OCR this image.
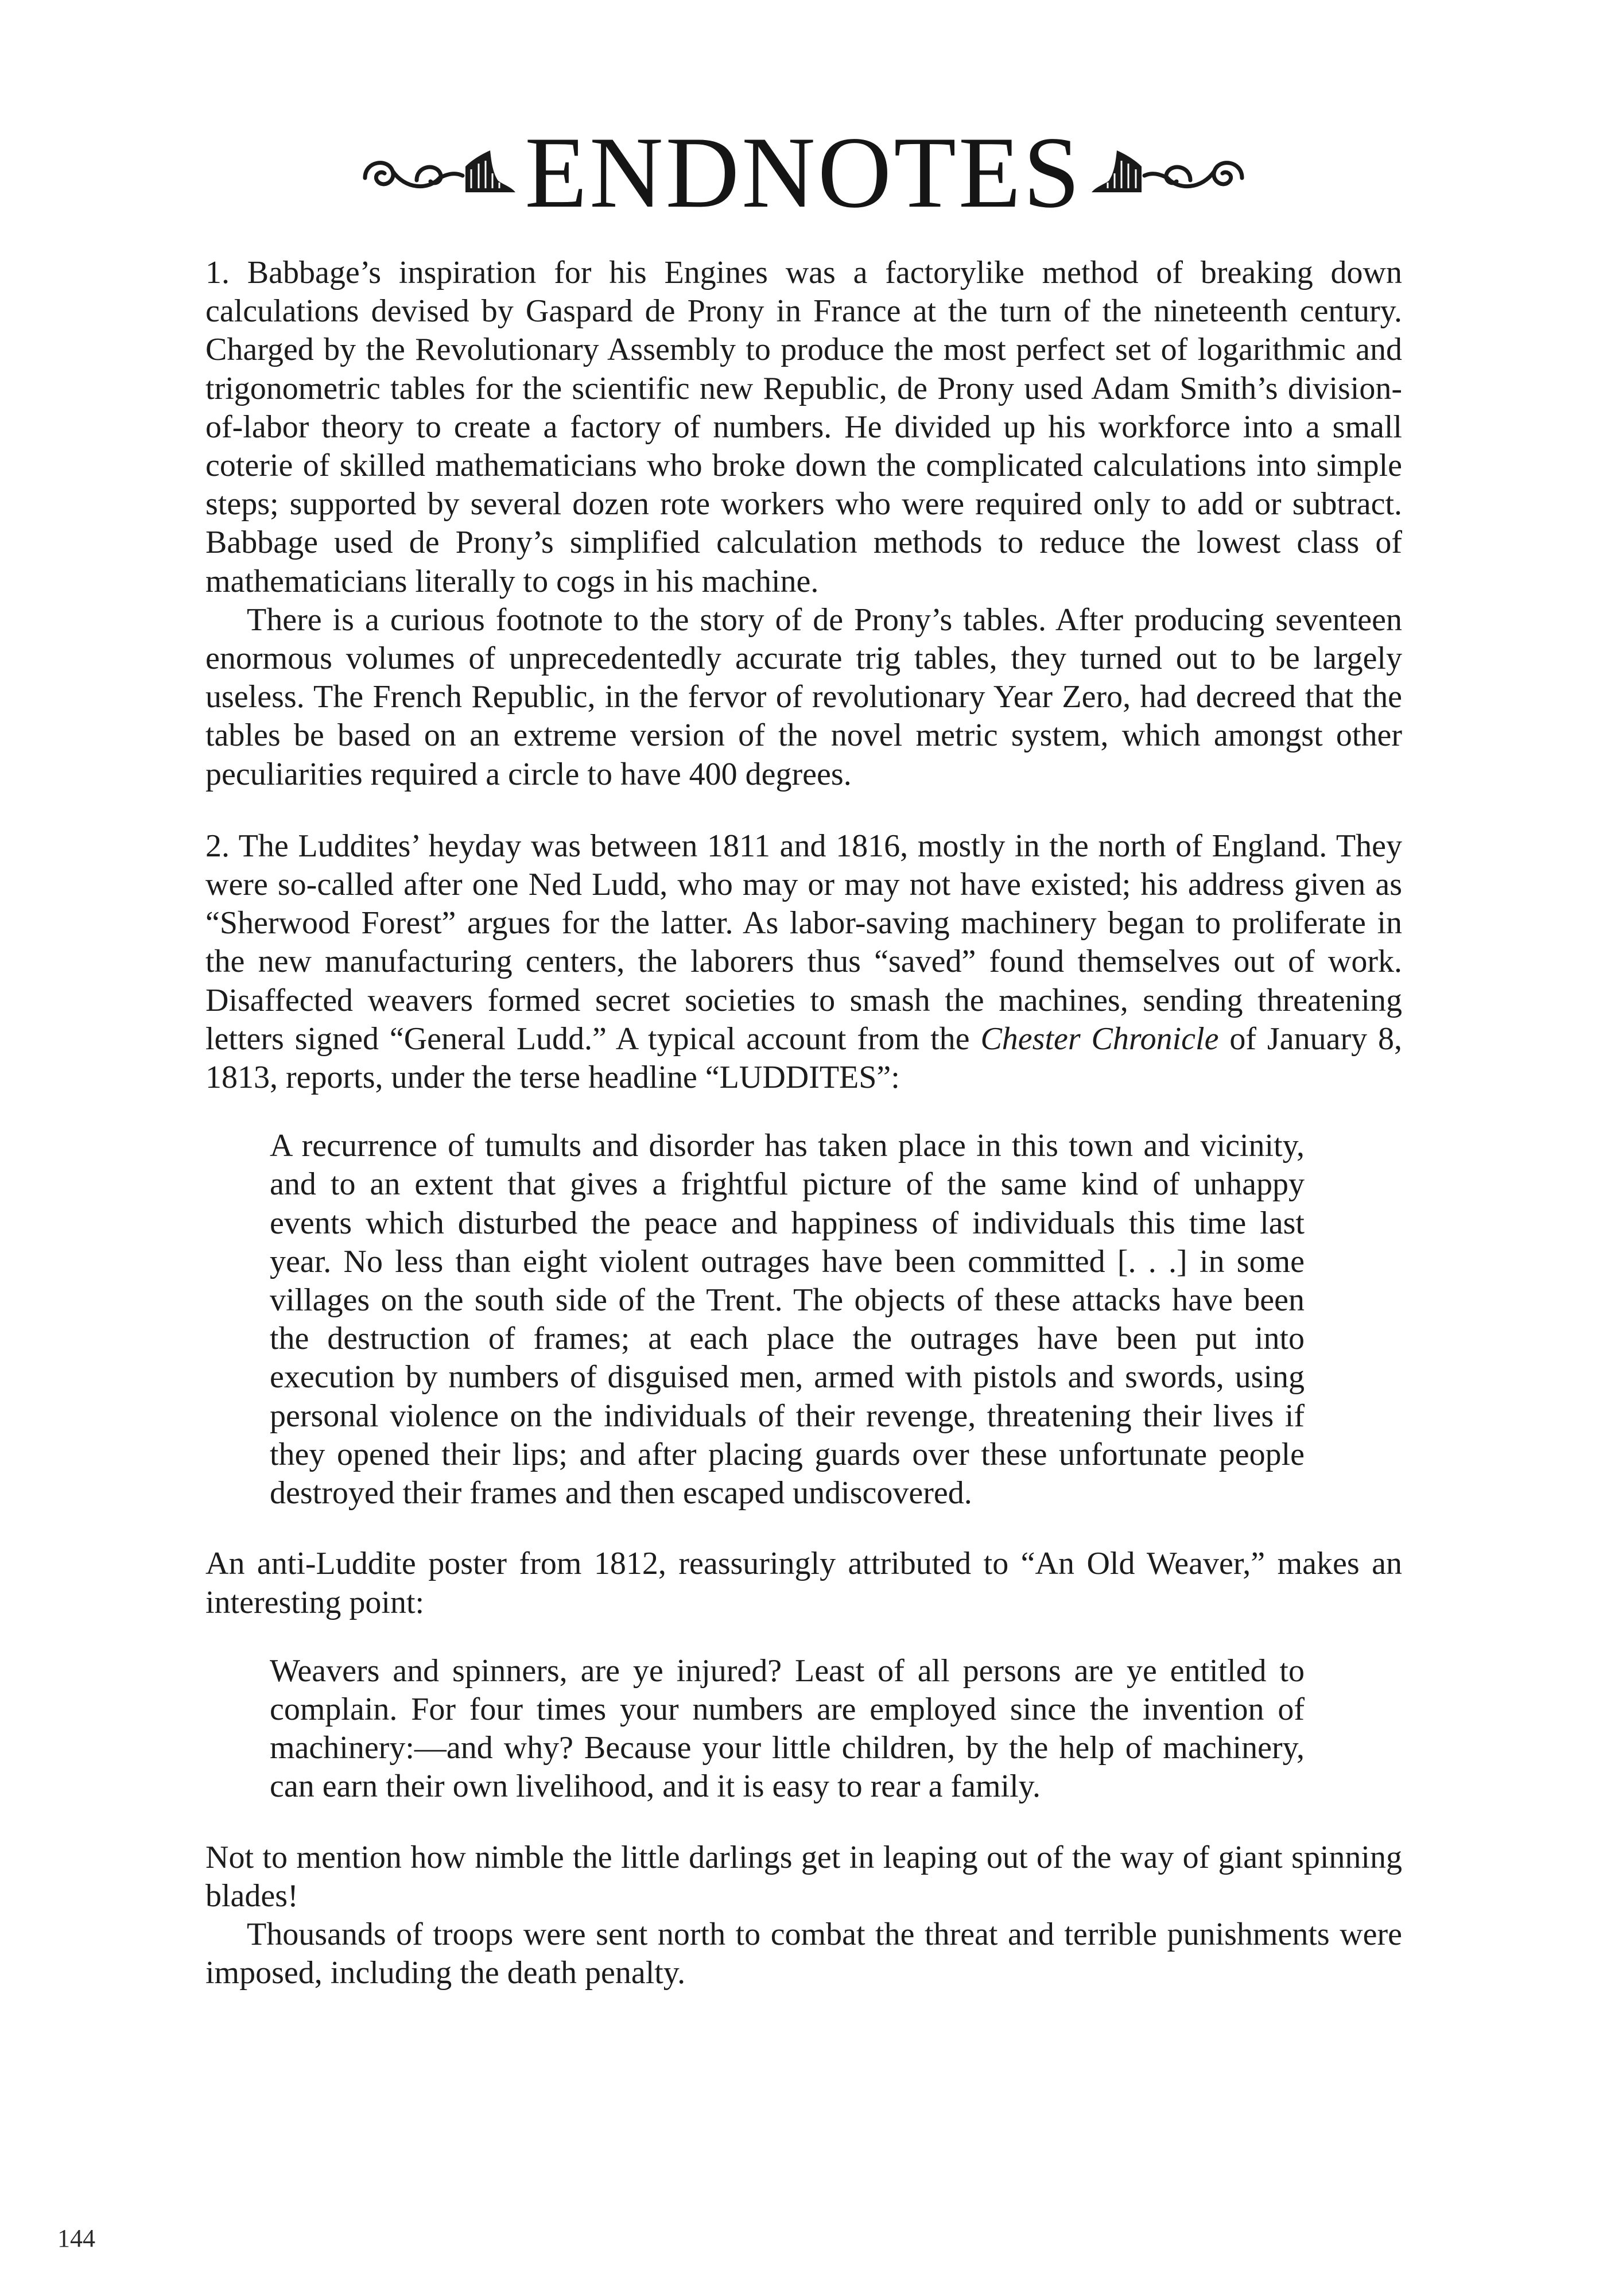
ENDNOTES

1. Babbage’s inspiration for his Engines was a factorylike method of breaking down calculations devised by Gaspard de Prony in France at the turn of the nineteenth century. Charged by the Revolutionary Assembly to produce the most perfect set of logarithmic and trigonometric tables for the scientific new Republic, de Prony used Adam Smith’s division-of-labor theory to create a factory of numbers. He divided up his workforce into a small coterie of skilled mathematicians who broke down the complicated calculations into simple steps; supported by several dozen rote workers who were required only to add or subtract. Babbage used de Prony’s simplified calculation methods to reduce the lowest class of mathematicians literally to cogs in his machine.

There is a curious footnote to the story of de Prony’s tables. After producing seventeen enormous volumes of unprecedentedly accurate trig tables, they turned out to be largely useless. The French Republic, in the fervor of revolutionary Year Zero, had decreed that the tables be based on an extreme version of the novel metric system, which amongst other peculiarities required a circle to have 400 degrees.

2. The Luddites’ heyday was between 1811 and 1816, mostly in the north of England. They were so-called after one Ned Ludd, who may or may not have existed; his address given as “Sherwood Forest” argues for the latter. As labor-saving machinery began to proliferate in the new manufacturing centers, the laborers thus “saved” found themselves out of work. Disaffected weavers formed secret societies to smash the machines, sending threatening letters signed “General Ludd.” A typical account from the Chester Chronicle of January 8, 1813, reports, under the terse headline “LUDDITES”:

A recurrence of tumults and disorder has taken place in this town and vicinity, and to an extent that gives a frightful picture of the same kind of unhappy events which disturbed the peace and happiness of individuals this time last year. No less than eight violent outrages have been committed [. . .] in some villages on the south side of the Trent. The objects of these attacks have been the destruction of frames; at each place the outrages have been put into execution by numbers of disguised men, armed with pistols and swords, using personal violence on the individuals of their revenge, threatening their lives if they opened their lips; and after placing guards over these unfortunate people destroyed their frames and then escaped undiscovered.

An anti-Luddite poster from 1812, reassuringly attributed to “An Old Weaver,” makes an interesting point:

Weavers and spinners, are ye injured? Least of all persons are ye entitled to complain. For four times your numbers are employed since the invention of machinery:—and why? Because your little children, by the help of machinery, can earn their own livelihood, and it is easy to rear a family.

Not to mention how nimble the little darlings get in leaping out of the way of giant spinning blades!

Thousands of troops were sent north to combat the threat and terrible punishments were imposed, including the death penalty.

144
